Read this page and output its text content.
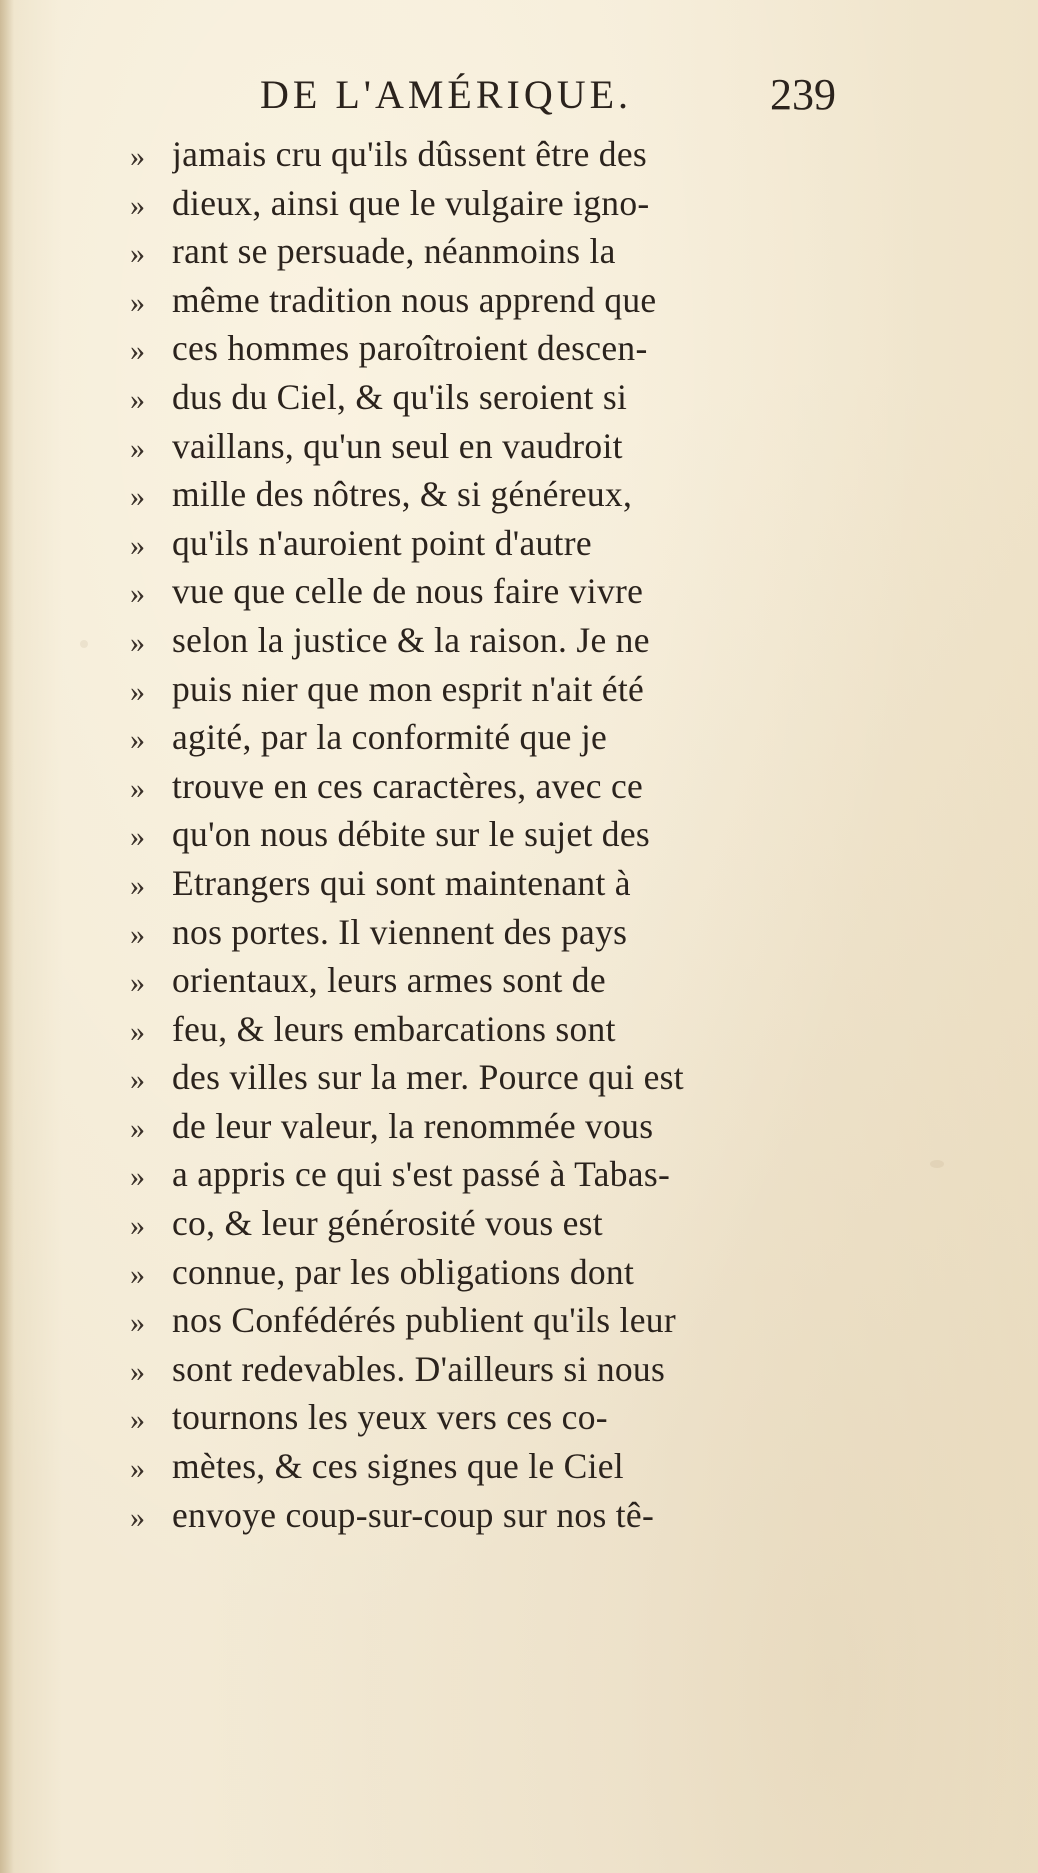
DE L'AMÉRIQUE.	239
» jamais cru qu'ils dûssent être des
» dieux, ainsi que le vulgaire igno-
» rant se persuade, néanmoins la
» même tradition nous apprend que
» ces hommes paroîtroient descen-
» dus du Ciel, & qu'ils seroient si
» vaillans, qu'un seul en vaudroit
» mille des nôtres, & si généreux,
» qu'ils n'auroient point d'autre
» vue que celle de nous faire vivre
» selon la justice & la raison. Je ne
» puis nier que mon esprit n'ait été
» agité, par la conformité que je
» trouve en ces caractères, avec ce
» qu'on nous débite sur le sujet des
» Etrangers qui sont maintenant à
» nos portes. Il viennent des pays
» orientaux, leurs armes sont de
» feu, & leurs embarcations sont
» des villes sur la mer. Pource qui est
» de leur valeur, la renommée vous
» a appris ce qui s'est passé à Tabas-
» co, & leur générosité vous est
» connue, par les obligations dont
» nos Confédérés publient qu'ils leur
» sont redevables. D'ailleurs si nous
» tournons les yeux vers ces co-
» mètes, & ces signes que le Ciel
» envoye coup-sur-coup sur nos tê-
